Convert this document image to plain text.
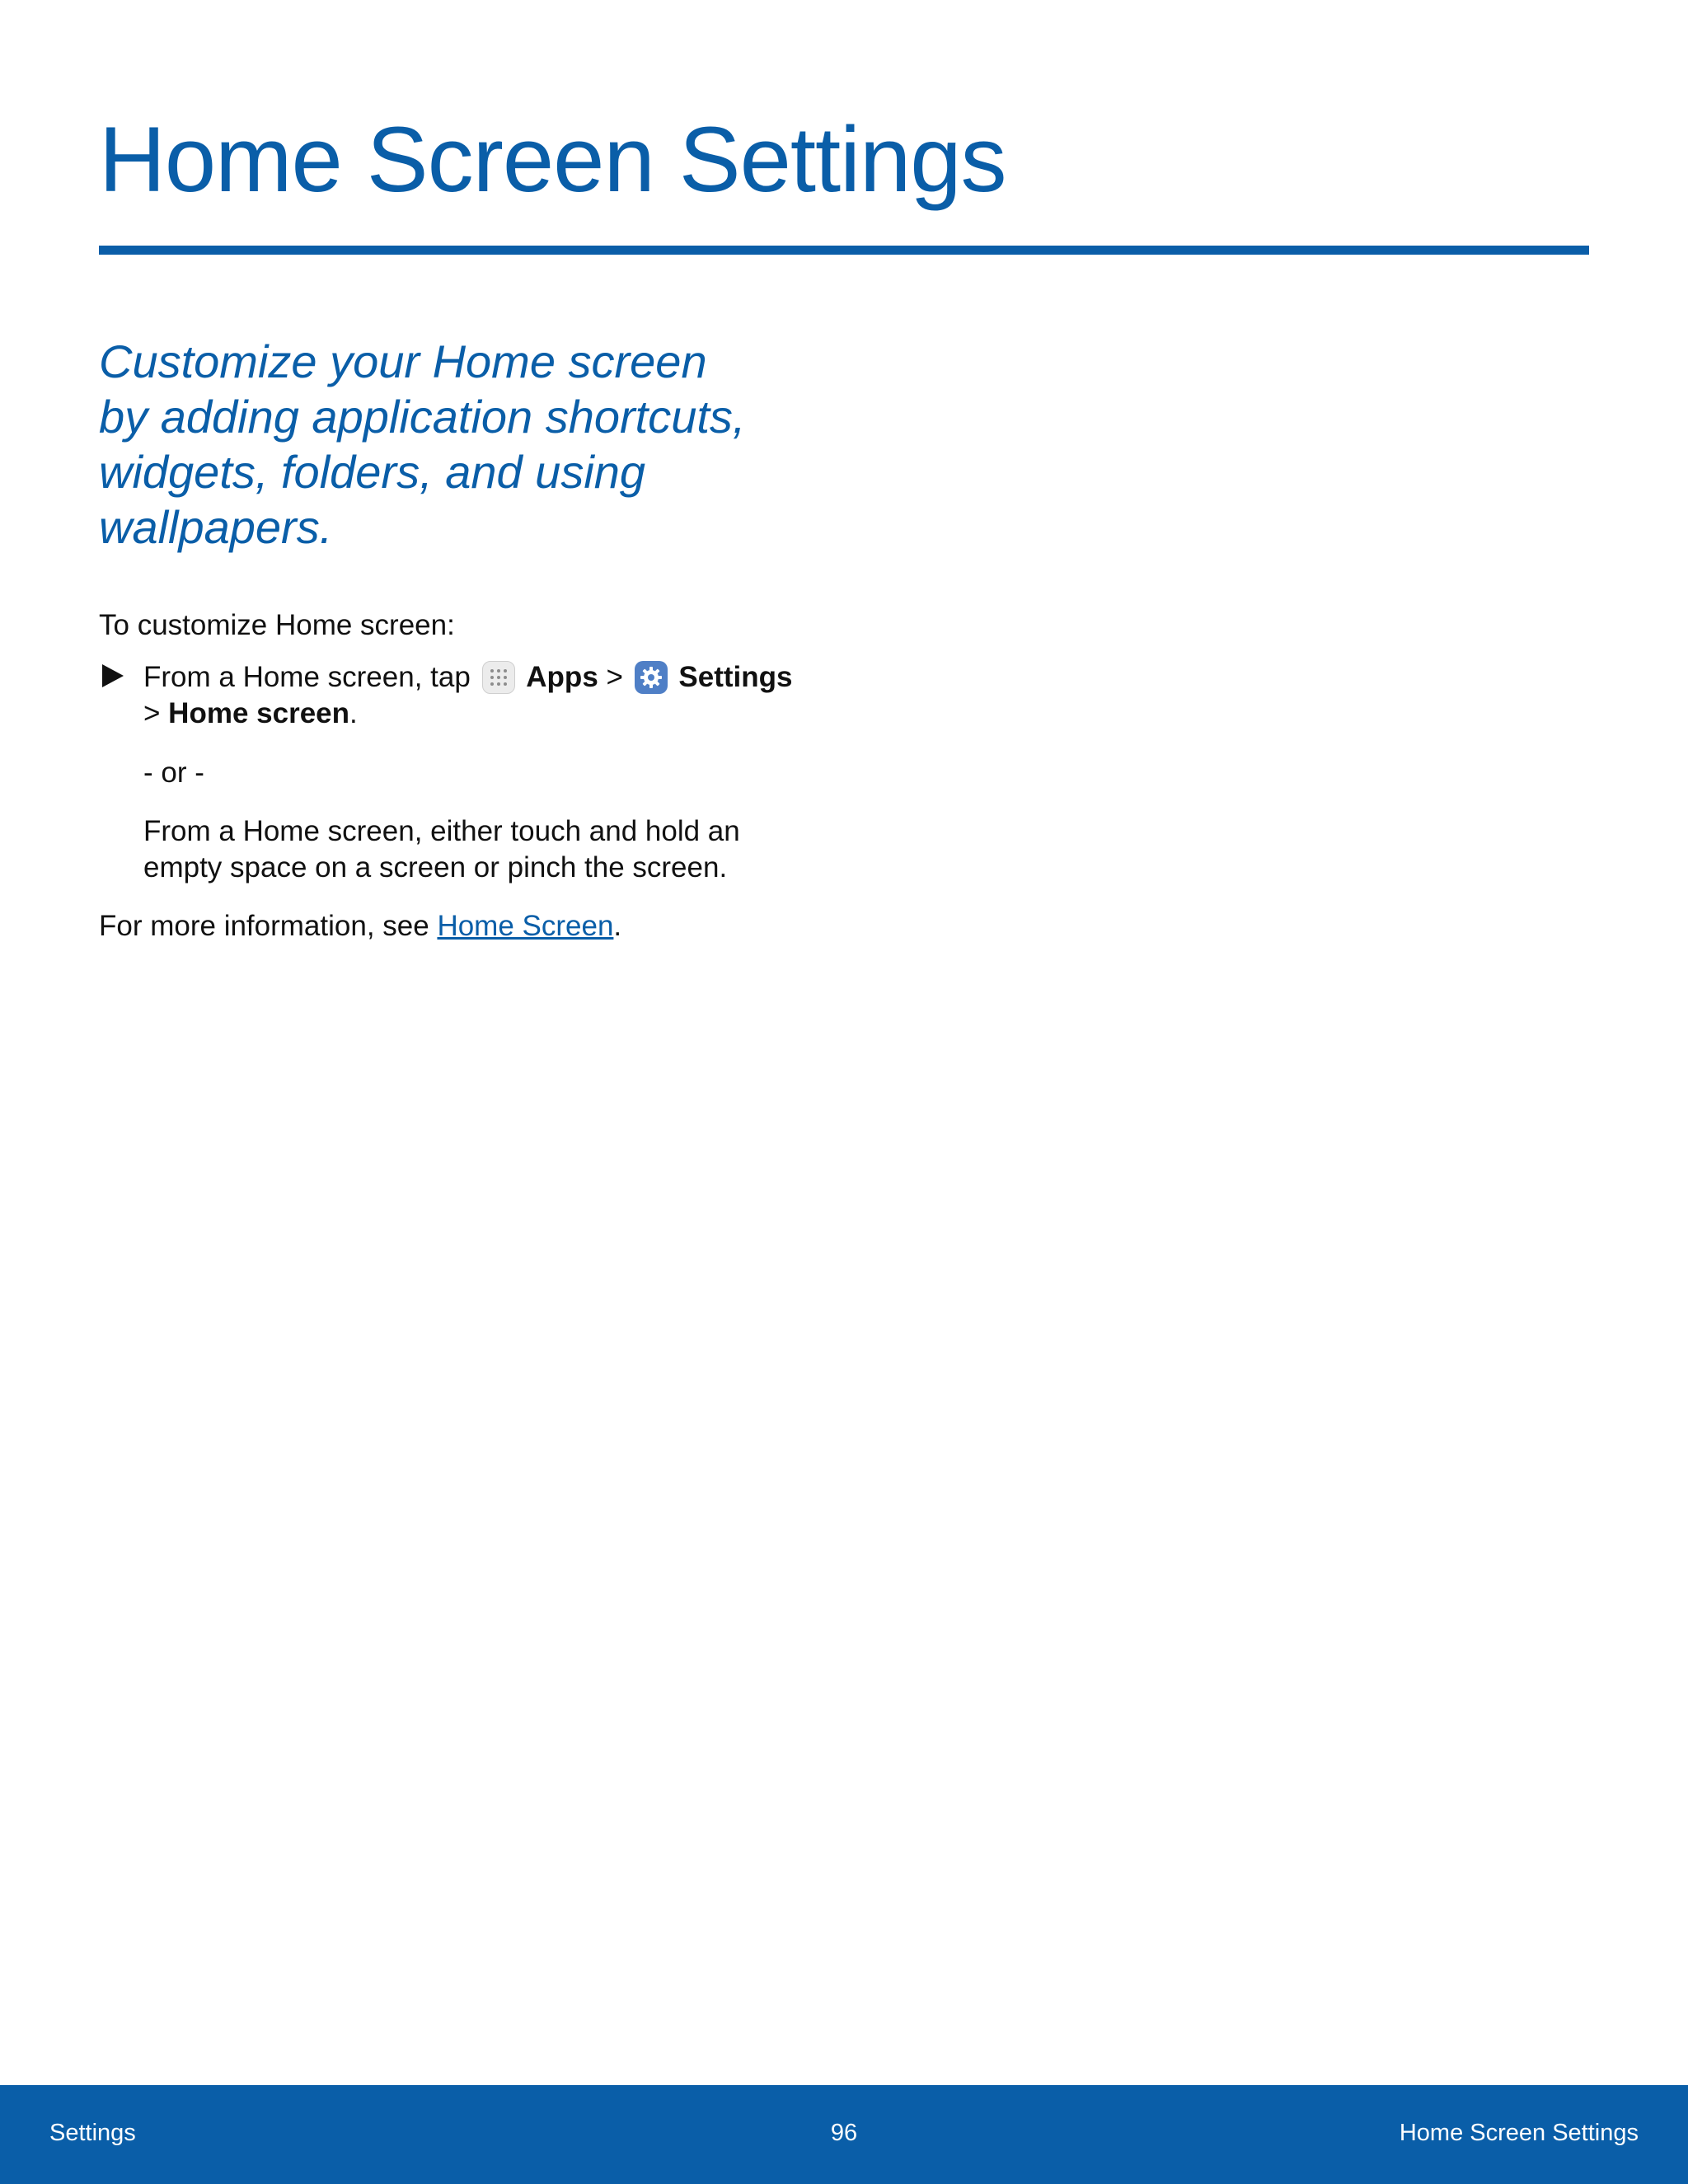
Home Screen Settings

Customize your Home screen
by adding application shortcuts,
widgets, folders, and using
wallpapers.

To customize Home screen:

From a Home screen, tap
Apps >
Settings

> Home screen.

- or -

From a Home screen, either touch and hold an

empty space on a screen or pinch the screen.

For more information, see Home Screen.

Settings	96	Home Screen Settings
